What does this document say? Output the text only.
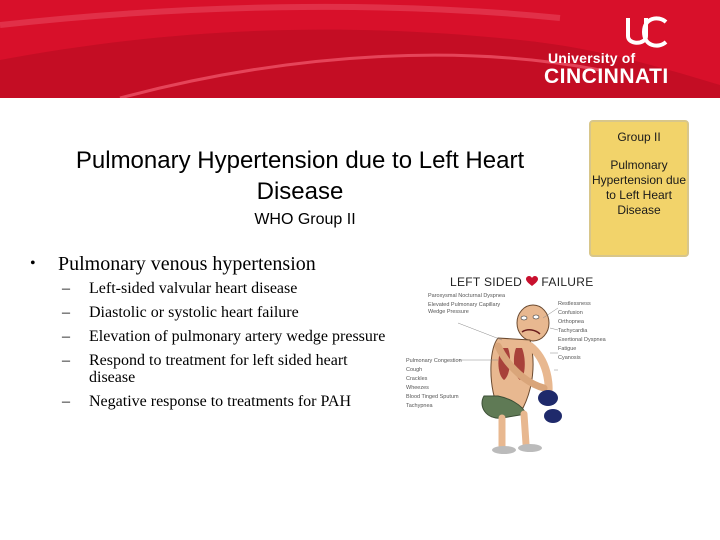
University of
CINCINNATI
Pulmonary Hypertension due to Left Heart Disease
WHO Group II
Group II
Pulmonary Hypertension due to Left Heart Disease
• Pulmonary venous hypertension
– Left-sided valvular heart disease
– Diastolic or systolic heart failure
– Elevation of pulmonary artery wedge pressure
– Respond to treatment for left sided heart disease
– Negative response to treatments for PAH
LEFT SIDED FAILURE
Paroxysmal Nocturnal Dyspnea
Elevated Pulmonary Capillary Wedge Pressure
Pulmonary Congestion
Cough
Crackles
Wheezes
Blood Tinged Sputum
Tachypnea
Restlessness
Confusion
Orthopnea
Tachycardia
Exertional Dyspnea
Fatigue
Cyanosis
